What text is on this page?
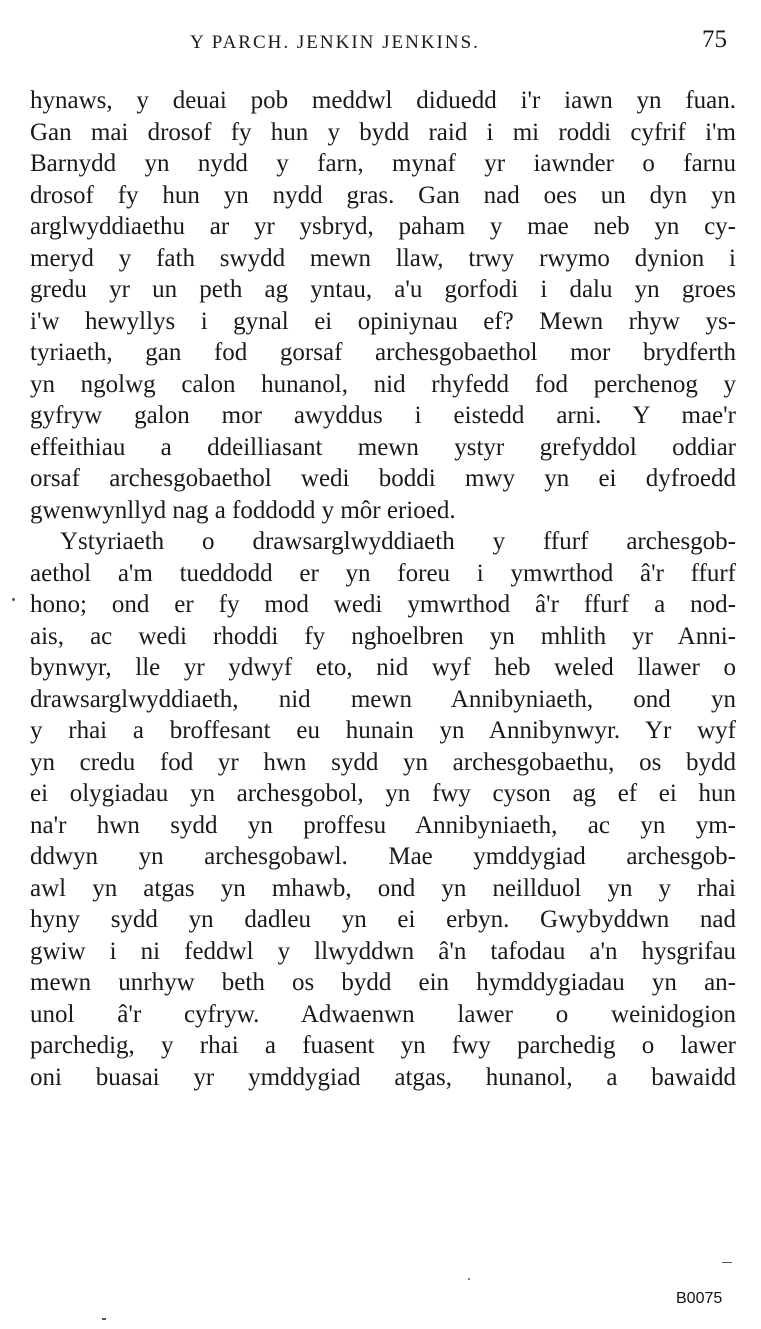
Y PARCH. JENKIN JENKINS.	75
hynaws, y deuai pob meddwl diduedd i'r iawn yn fuan.
Gan mai drosof fy hun y bydd raid i mi roddi cyfrif i'm
Barnydd yn nydd y farn, mynaf yr iawnder o farnu
drosof fy hun yn nydd gras. Gan nad oes un dyn yn
arglwyddiaethu ar yr ysbryd, paham y mae neb yn cy-
meryd y fath swydd mewn llaw, trwy rwymo dynion i
gredu yr un peth ag yntau, a'u gorfodi i dalu yn groes
i'w hewyllys i gynal ei opiniynau ef? Mewn rhyw ys-
tyriaeth, gan fod gorsaf archesgobaethol mor brydferth
yn ngolwg calon hunanol, nid rhyfedd fod perchenog y
gyfryw galon mor awyddus i eistedd arni. Y mae'r
effeithiau a ddeilliasant mewn ystyr grefyddol oddiar
orsaf archesgobaethol wedi boddi mwy yn ei dyfroedd
gwenwynllyd nag a foddodd y môr erioed.
Ystyriaeth o drawsarglwyddiaeth y ffurf archesgob-
aethol a'm tueddodd er yn foreu i ymwrthod â'r ffurf
hono; ond er fy mod wedi ymwrthod â'r ffurf a nod-
ais, ac wedi rhoddi fy nghoelbren yn mhlith yr Anni-
bynwyr, lle yr ydwyf eto, nid wyf heb weled llawer o
drawsarglwyddiaeth, nid mewn Annibyniaeth, ond yn
y rhai a broffesant eu hunain yn Annibynwyr. Yr wyf
yn credu fod yr hwn sydd yn archesgobaethu, os bydd
ei olygiadau yn archesgobol, yn fwy cyson ag ef ei hun
na'r hwn sydd yn proffesu Annibyniaeth, ac yn ym-
ddwyn yn archesgobawl. Mae ymddygiad archesgob-
awl yn atgas yn mhawb, ond yn neillduol yn y rhai
hyny sydd yn dadleu yn ei erbyn. Gwybyddwn nad
gwiw i ni feddwl y llwyddwn â'n tafodau a'n hysgrifau
mewn unrhyw beth os bydd ein hymddygiadau yn an-
unol â'r cyfryw. Adwaenwn lawer o weinidogion
parchedig, y rhai a fuasent yn fwy parchedig o lawer
oni buasai yr ymddygiad atgas, hunanol, a bawaidd
B0075
